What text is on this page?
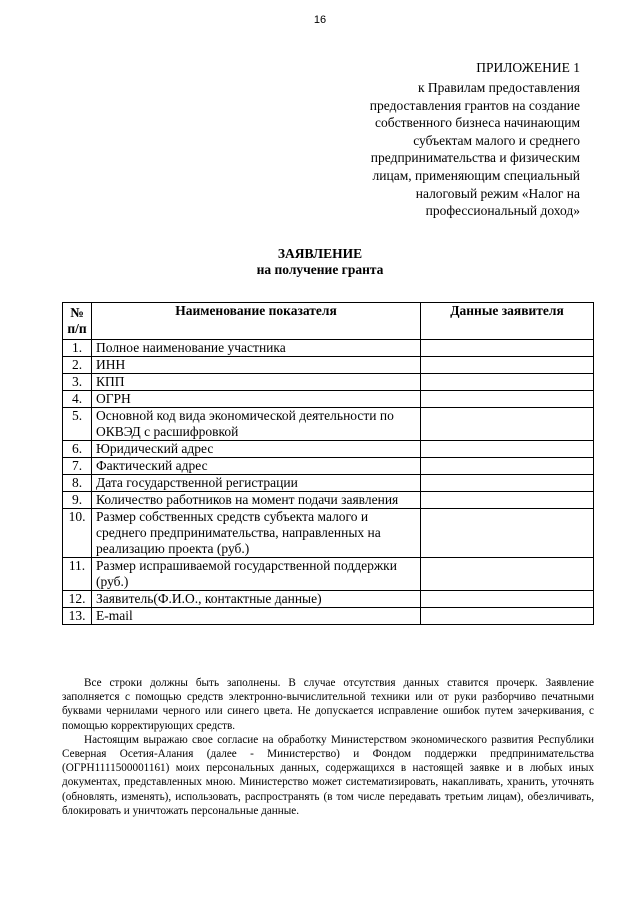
16
ПРИЛОЖЕНИЕ 1
к Правилам предоставления
предоставления грантов на создание
собственного бизнеса начинающим
субъектам малого и среднего
предпринимательства и физическим
лицам, применяющим специальный
налоговый режим «Налог на
профессиональный доход»
ЗАЯВЛЕНИЕ
на получение гранта
№ п/п	Наименование показателя	Данные заявителя
1.	Полное наименование участника	
2.	ИНН	
3.	КПП	
4.	ОГРН	
5.	Основной код вида экономической деятельности по ОКВЭД с расшифровкой	
6.	Юридический адрес	
7.	Фактический адрес	
8.	Дата государственной регистрации	
9.	Количество работников на момент подачи заявления	
10.	Размер собственных средств субъекта малого и среднего предпринимательства, направленных на реализацию проекта (руб.)	
11.	Размер испрашиваемой государственной поддержки (руб.)	
12.	Заявитель(Ф.И.О., контактные данные)	
13.	E-mail	

Все строки должны быть заполнены. В случае отсутствия данных ставится прочерк. Заявление заполняется с помощью средств электронно-вычислительной техники или от руки разборчиво печатными буквами чернилами черного или синего цвета. Не допускается исправление ошибок путем зачеркивания, с помощью корректирующих средств.

Настоящим выражаю свое согласие на обработку Министерством экономического развития Республики Северная Осетия-Алания (далее - Министерство) и Фондом поддержки предпринимательства (ОГРН1111500001161) моих персональных данных, содержащихся в настоящей заявке и в любых иных документах, представленных мною. Министерство может систематизировать, накапливать, хранить, уточнять (обновлять, изменять), использовать, распространять (в том числе передавать третьим лицам), обезличивать, блокировать и уничтожать персональные данные.
